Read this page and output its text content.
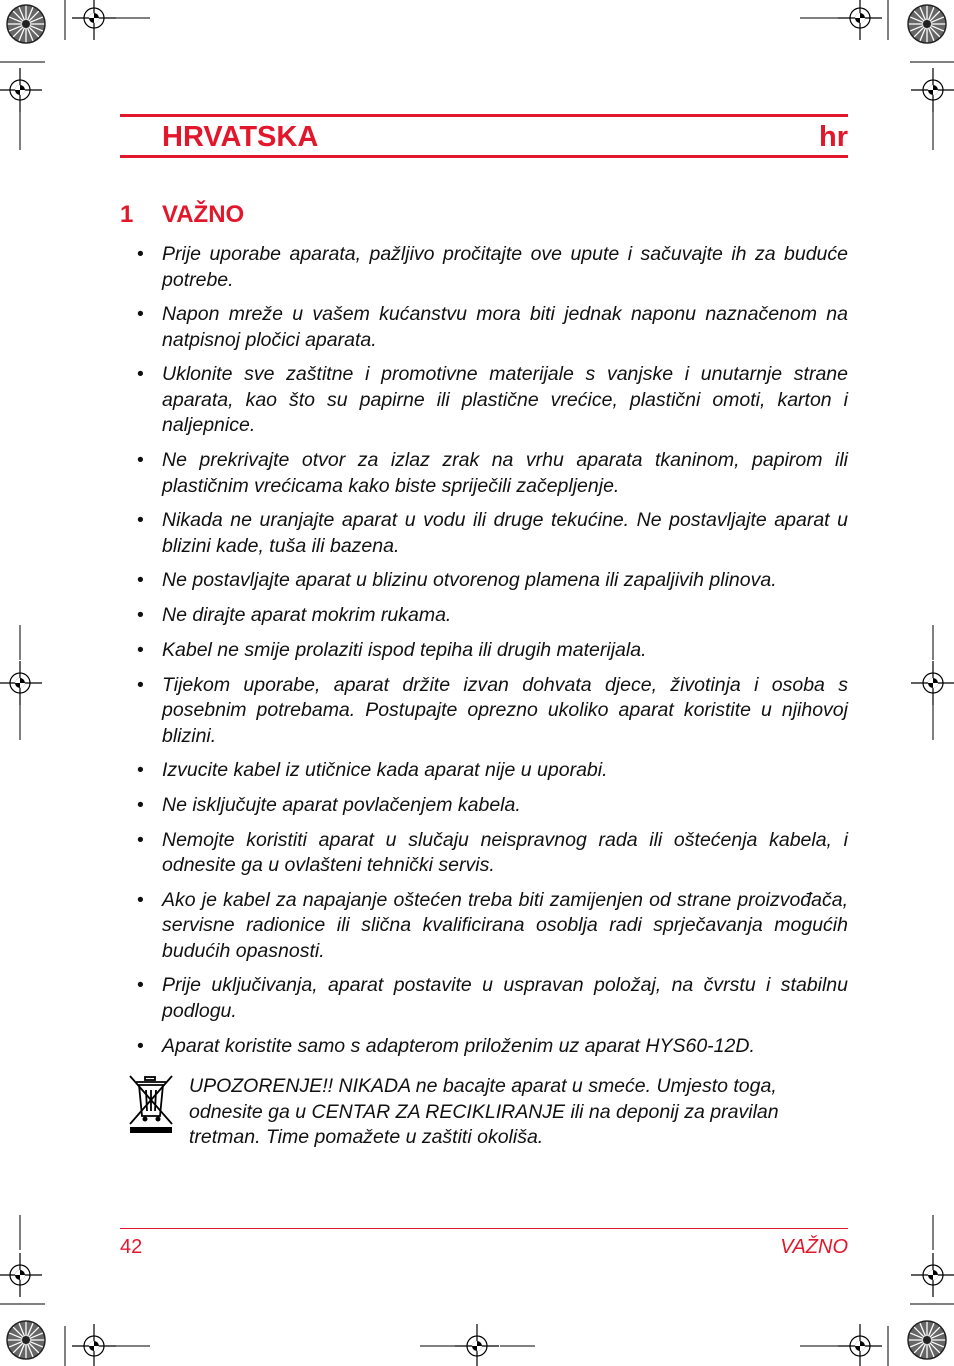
HRVATSKA	hr
1 VAŽNO
• Prije uporabe aparata, pažljivo pročitajte ove upute i sačuvajte ih za buduće potrebe.
• Napon mreže u vašem kućanstvu mora biti jednak naponu naznačenom na natpisnoj pločici aparata.
• Uklonite sve zaštitne i promotivne materijale s vanjske i unutarnje strane aparata, kao što su papirne ili plastične vrećice, plastični omoti, karton i naljepnice.
• Ne prekrivajte otvor za izlaz zrak na vrhu aparata tkaninom, papirom ili plastičnim vrećicama kako biste spriječili začepljenje.
• Nikada ne uranjajte aparat u vodu ili druge tekućine. Ne postavljajte aparat u blizini kade, tuša ili bazena.
• Ne postavljajte aparat u blizinu otvorenog plamena ili zapaljivih plinova.
• Ne dirajte aparat mokrim rukama.
• Kabel ne smije prolaziti ispod tepiha ili drugih materijala.
• Tijekom uporabe, aparat držite izvan dohvata djece, životinja i osoba s posebnim potrebama. Postupajte oprezno ukoliko aparat koristite u njihovoj blizini.
• Izvucite kabel iz utičnice kada aparat nije u uporabi.
• Ne isključujte aparat povlačenjem kabela.
• Nemojte koristiti aparat u slučaju neispravnog rada ili oštećenja kabela, i odnesite ga u ovlašteni tehnički servis.
• Ako je kabel za napajanje oštećen treba biti zamijenjen od strane proizvođača, servisne radionice ili slična kvalificirana osoblja radi sprječavanja mogućih budućih opasnosti.
• Prije uključivanja, aparat postavite u uspravan položaj, na čvrstu i stabilnu podlogu.
• Aparat koristite samo s adapterom priloženim uz aparat HYS60-12D.

UPOZORENJE!! NIKADA ne bacajte aparat u smeće. Umjesto toga, odnesite ga u CENTAR ZA RECIKLIRANJE ili na deponij za pravilan tretman. Time pomažete u zaštiti okoliša.

42	VAŽNO
